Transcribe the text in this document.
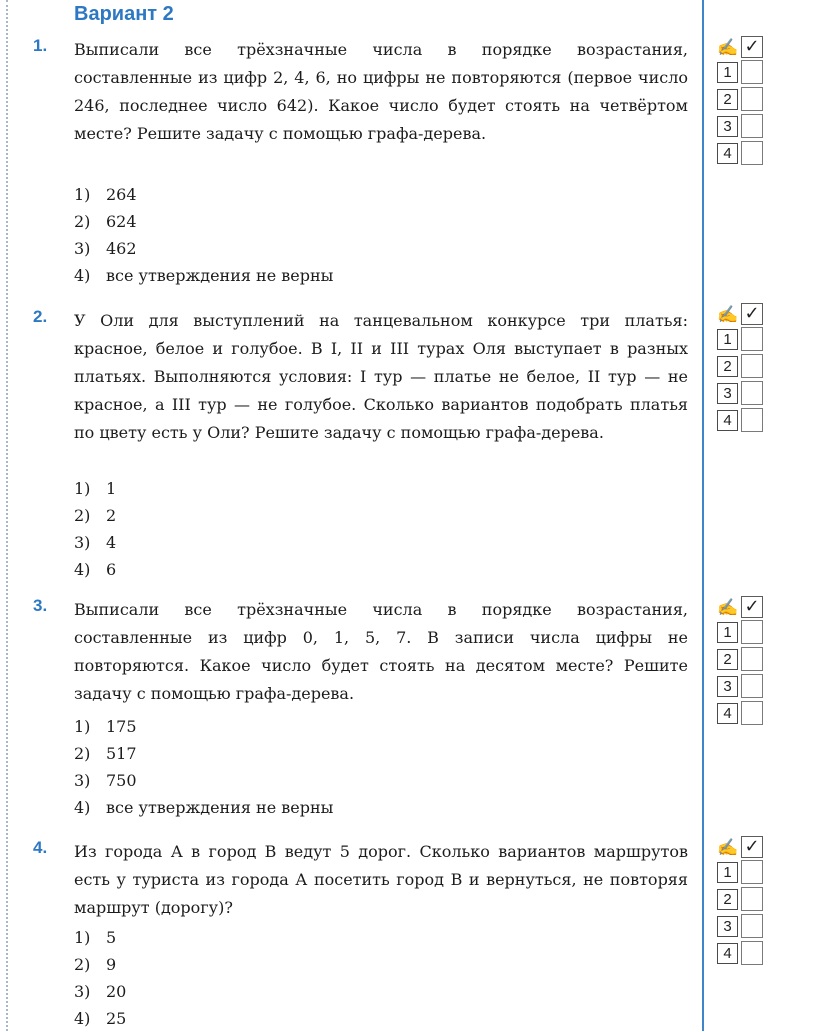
Вариант 2
1. Выписали все трёхзначные числа в порядке возрастания, составленные из цифр 2, 4, 6, но цифры не повторяются (первое число 246, последнее число 642). Какое число будет стоять на четвёртом месте? Решите задачу с помощью графа-дерева.

1) 264
2) 624
3) 462
4) все утверждения не верны
✍ ✓
1
2
3
4
2. У Оли для выступлений на танцевальном конкурсе три платья: красное, белое и голубое. В I, II и III турах Оля выступает в разных платьях. Выполняются условия: I тур — платье не белое, II тур — не красное, а III тур — не голубое. Сколько вариантов подобрать платья по цвету есть у Оли? Решите задачу с помощью графа-дерева.

1) 1
2) 2
3) 4
4) 6
✍ ✓
1
2
3
4
3. Выписали все трёхзначные числа в порядке возрастания, составленные из цифр 0, 1, 5, 7. В записи числа цифры не повторяются. Какое число будет стоять на десятом месте? Решите задачу с помощью графа-дерева.

1) 175
2) 517
3) 750
4) все утверждения не верны
✍ ✓
1
2
3
4
4. Из города А в город В ведут 5 дорог. Сколько вариантов маршрутов есть у туриста из города А посетить город В и вернуться, не повторяя маршрут (дорогу)?

1) 5
2) 9
3) 20
4) 25
✍ ✓
1
2
3
4
